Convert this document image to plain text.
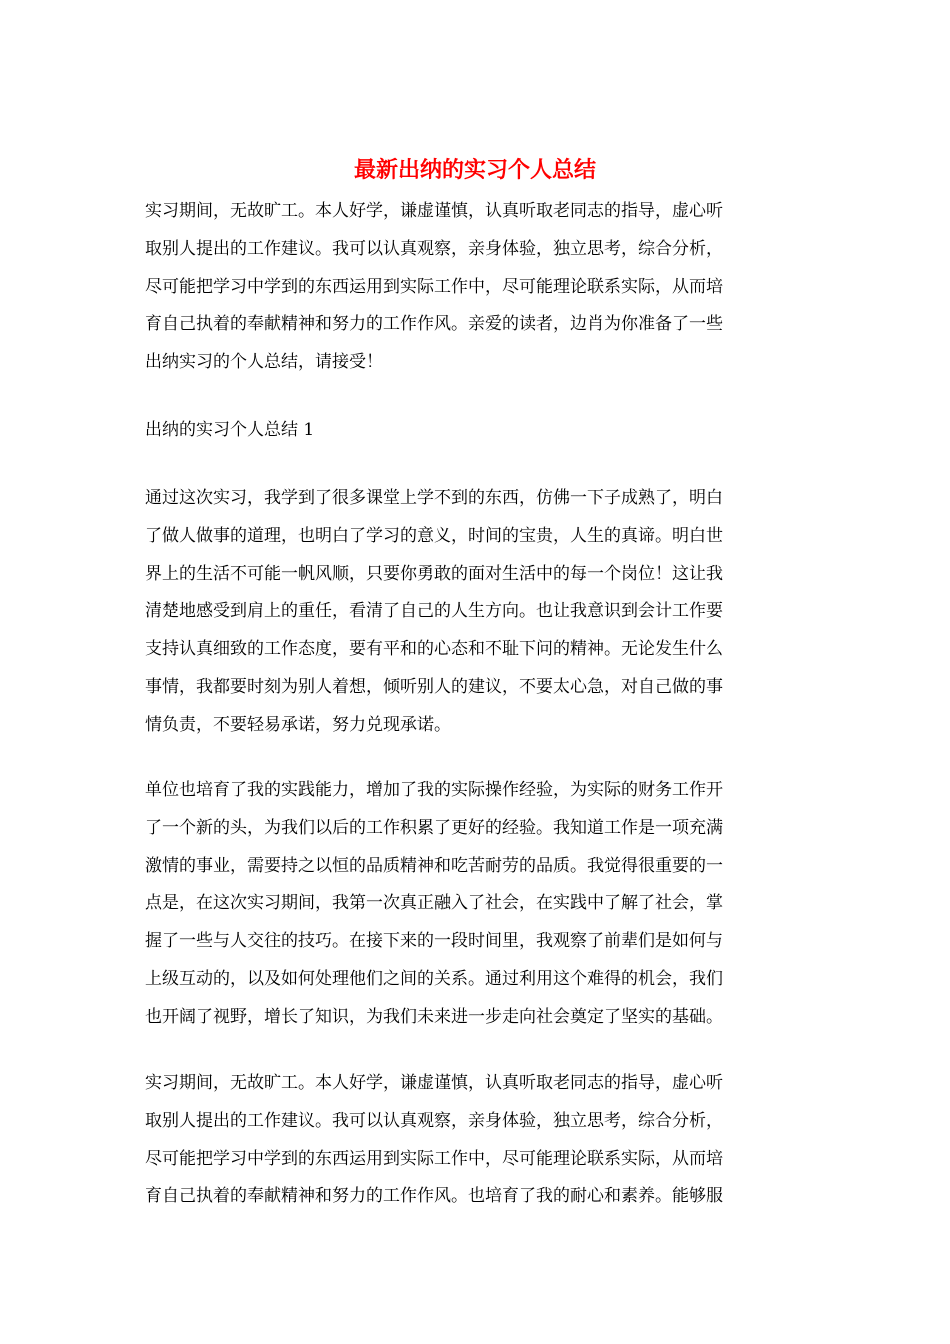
最新出纳的实习个人总结
实习期间，无故旷工。本人好学，谦虚谨慎，认真听取老同志的指导，虚心听
取别人提出的工作建议。我可以认真观察，亲身体验，独立思考，综合分析，
尽可能把学习中学到的东西运用到实际工作中，尽可能理论联系实际，从而培
育自己执着的奉献精神和努力的工作作风。亲爱的读者，边肖为你准备了一些
出纳实习的个人总结，请接受！
出纳的实习个人总结 1
通过这次实习，我学到了很多课堂上学不到的东西，仿佛一下子成熟了，明白
了做人做事的道理，也明白了学习的意义，时间的宝贵，人生的真谛。明白世
界上的生活不可能一帆风顺，只要你勇敢的面对生活中的每一个岗位！这让我
清楚地感受到肩上的重任，看清了自己的人生方向。也让我意识到会计工作要
支持认真细致的工作态度，要有平和的心态和不耻下问的精神。无论发生什么
事情，我都要时刻为别人着想，倾听别人的建议，不要太心急，对自己做的事
情负责，不要轻易承诺，努力兑现承诺。
单位也培育了我的实践能力，增加了我的实际操作经验，为实际的财务工作开
了一个新的头，为我们以后的工作积累了更好的经验。我知道工作是一项充满
激情的事业，需要持之以恒的品质精神和吃苦耐劳的品质。我觉得很重要的一
点是，在这次实习期间，我第一次真正融入了社会，在实践中了解了社会，掌
握了一些与人交往的技巧。在接下来的一段时间里，我观察了前辈们是如何与
上级互动的，以及如何处理他们之间的关系。通过利用这个难得的机会，我们
也开阔了视野，增长了知识，为我们未来进一步走向社会奠定了坚实的基础。
实习期间，无故旷工。本人好学，谦虚谨慎，认真听取老同志的指导，虚心听
取别人提出的工作建议。我可以认真观察，亲身体验，独立思考，综合分析，
尽可能把学习中学到的东西运用到实际工作中，尽可能理论联系实际，从而培
育自己执着的奉献精神和努力的工作作风。也培育了我的耐心和素养。能够服
